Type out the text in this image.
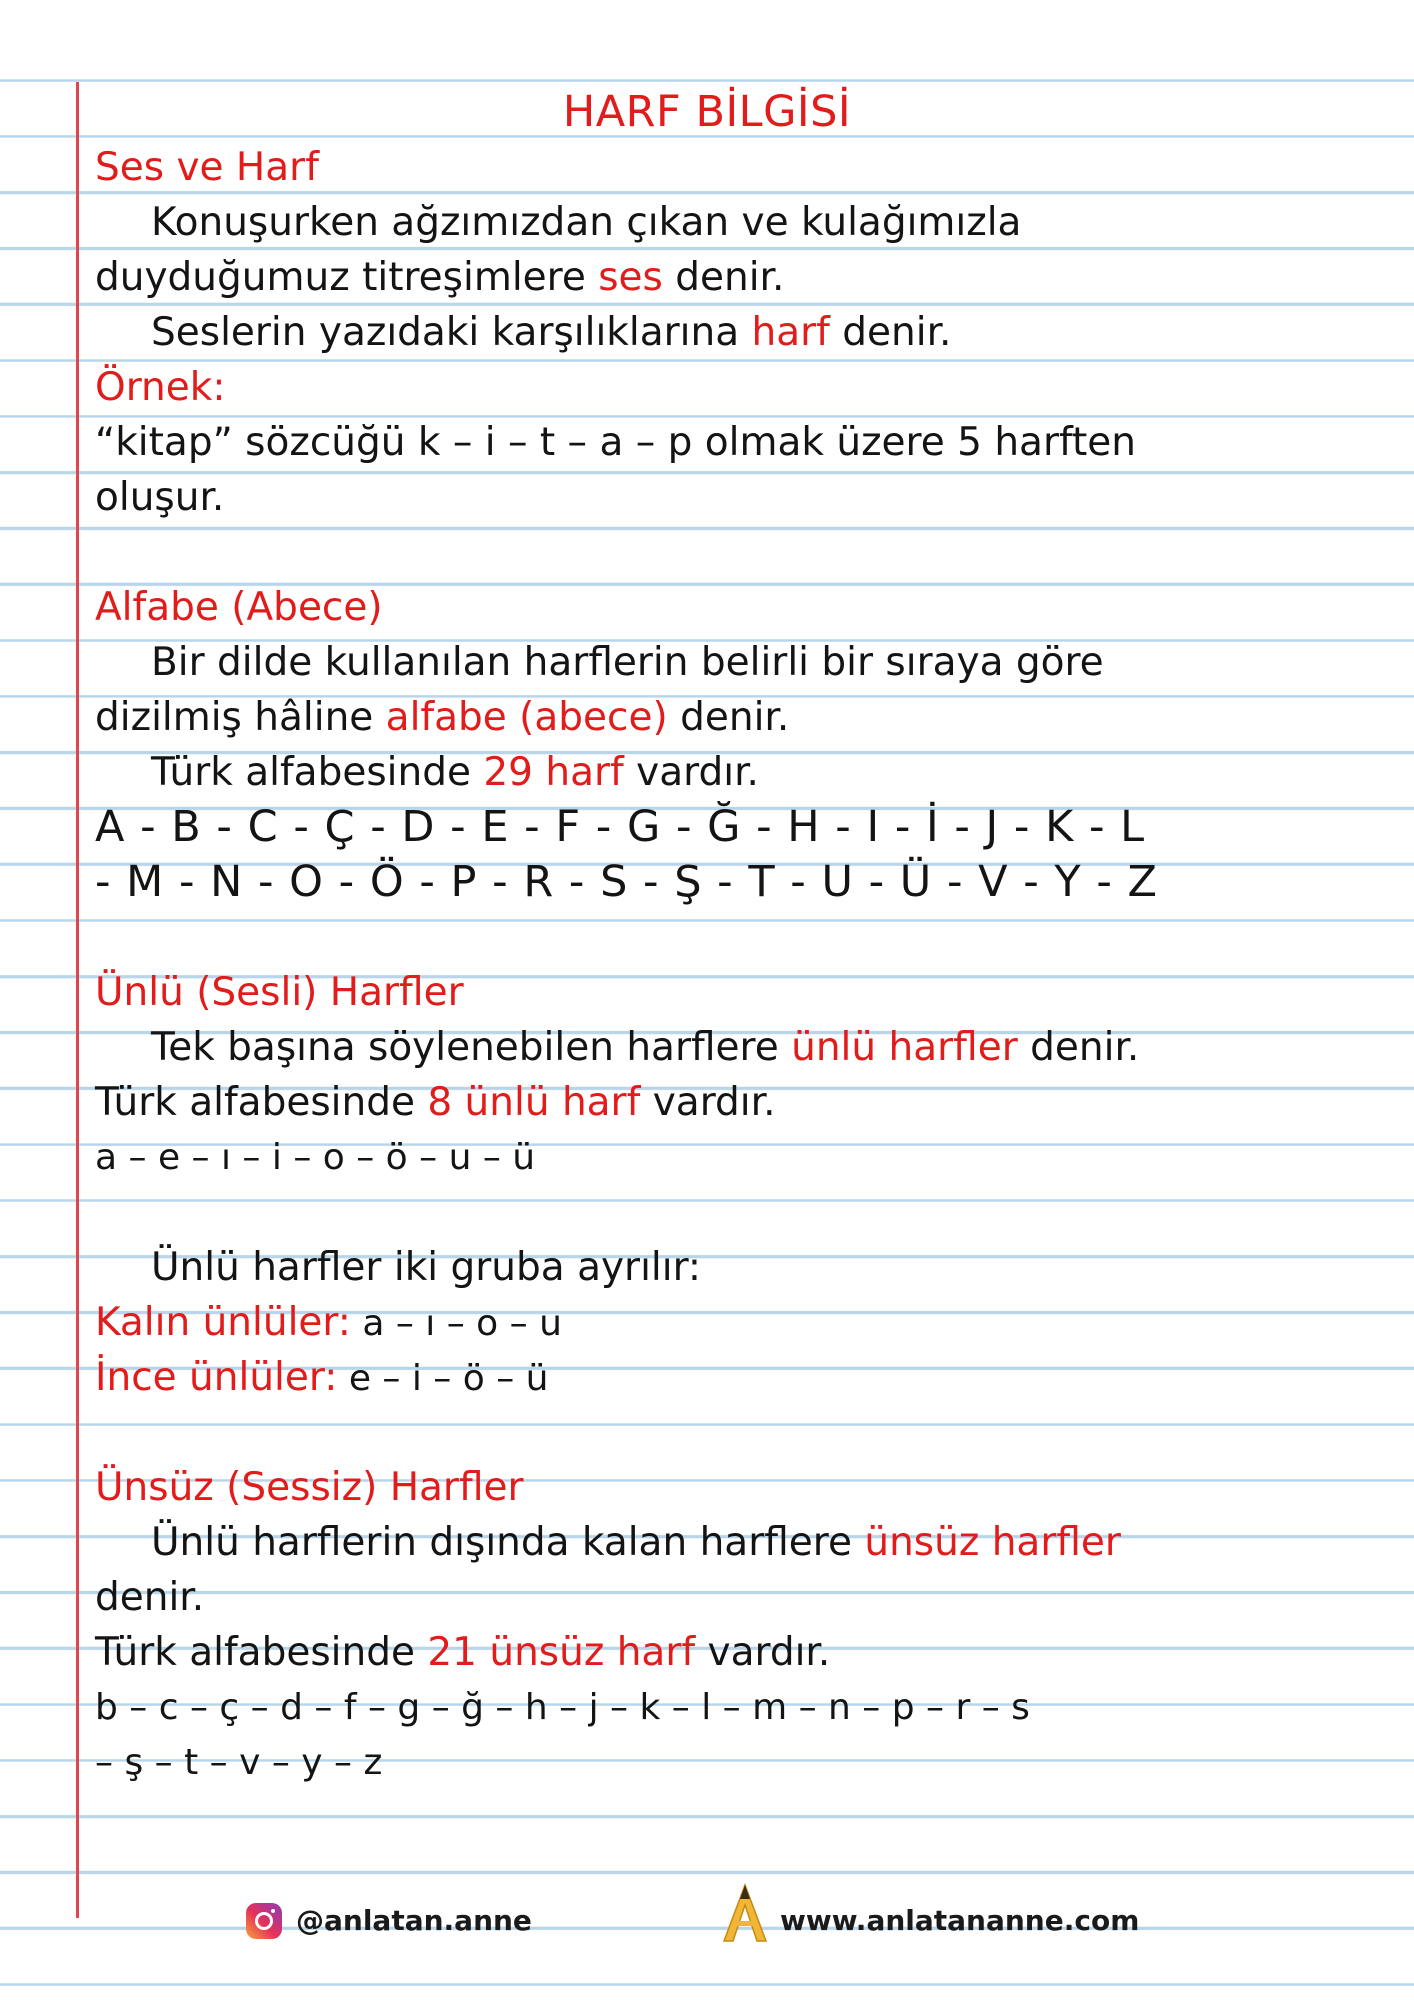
HARF BİLGİSİ
Ses ve Harf
Konuşurken ağzımızdan çıkan ve kulağımızla
duyduğumuz titreşimlere ses denir.
Seslerin yazıdaki karşılıklarına harf denir.
Örnek:
“kitap” sözcüğü k – i – t – a – p olmak üzere 5 harften
oluşur.
Alfabe (Abece)
Bir dilde kullanılan harflerin belirli bir sıraya göre
dizilmiş hâline alfabe (abece) denir.
Türk alfabesinde 29 harf vardır.
A - B - C - Ç - D - E - F - G - Ğ - H - I - İ - J - K - L
- M - N - O - Ö - P - R - S - Ş - T - U - Ü - V - Y - Z
Ünlü (Sesli) Harfler
Tek başına söylenebilen harflere ünlü harfler denir.
Türk alfabesinde 8 ünlü harf vardır.
a – e – ı – i – o – ö – u – ü
Ünlü harfler iki gruba ayrılır:
Kalın ünlüler: a – ı – o – u
İnce ünlüler: e – i – ö – ü
Ünsüz (Sessiz) Harfler
Ünlü harflerin dışında kalan harflere ünsüz harfler
denir.
Türk alfabesinde 21 ünsüz harf vardır.
b – c – ç – d – f – g – ğ – h – j – k – l – m – n – p – r – s
– ş – t – v – y – z
@anlatan.anne	www.anlatananne.com
